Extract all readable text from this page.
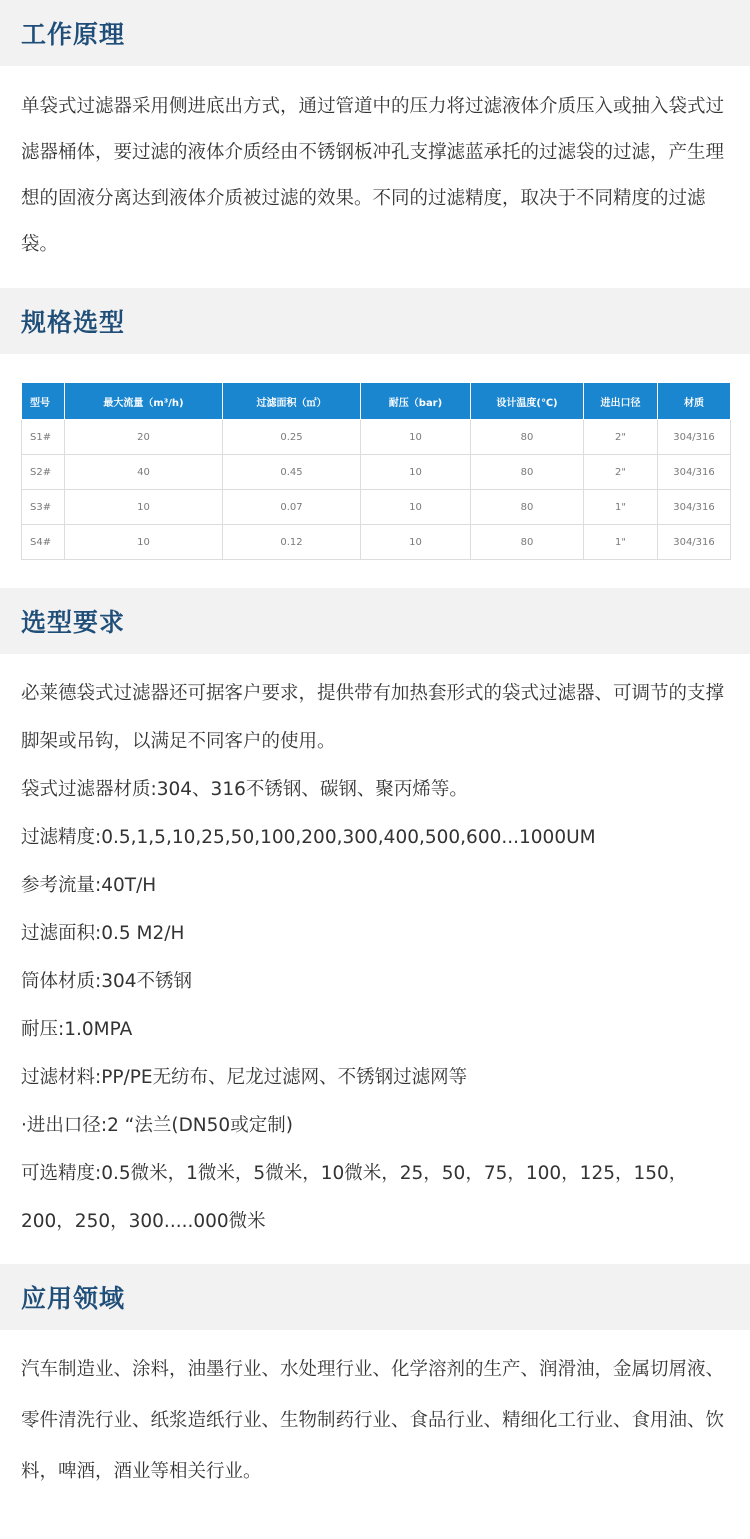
工作原理

单袋式过滤器采用侧进底出方式，通过管道中的压力将过滤液体介质压入或抽入袋式过滤器桶体，要过滤的液体介质经由不锈钢板冲孔支撑滤蓝承托的过滤袋的过滤，产生理想的固液分离达到液体介质被过滤的效果。不同的过滤精度，取决于不同精度的过滤袋。

规格选型
型号	最大流量（m³/h)	过滤面积（㎡）	耐压（bar)	设计温度(℃)	进出口径	材质
S1#	20	0.25	10	80	2"	304/316
S2#	40	0.45	10	80	2"	304/316
S3#	10	0.07	10	80	1"	304/316
S4#	10	0.12	10	80	1"	304/316
选型要求

必莱德袋式过滤器还可据客户要求，提供带有加热套形式的袋式过滤器、可调节的支撑脚架或吊钩，以满足不同客户的使用。

袋式过滤器材质:304、316不锈钢、碳钢、聚丙烯等。

过滤精度:0.5,1,5,10,25,50,100,200,300,400,500,600...1000UM

参考流量:40T/H

过滤面积:0.5 M2/H

筒体材质:304不锈钢

耐压:1.0MPA

过滤材料:PP/PE无纺布、尼龙过滤网、不锈钢过滤网等

·进出口径:2 “法兰(DN50或定制)

可选精度:0.5微米，1微米，5微米，10微米，25，50，75，100，125，150，200，250，300.....000微米

应用领域

汽车制造业、涂料，油墨行业、水处理行业、化学溶剂的生产、润滑油，金属切屑液、零件清洗行业、纸浆造纸行业、生物制药行业、食品行业、精细化工行业、食用油、饮料，啤酒，酒业等相关行业。
